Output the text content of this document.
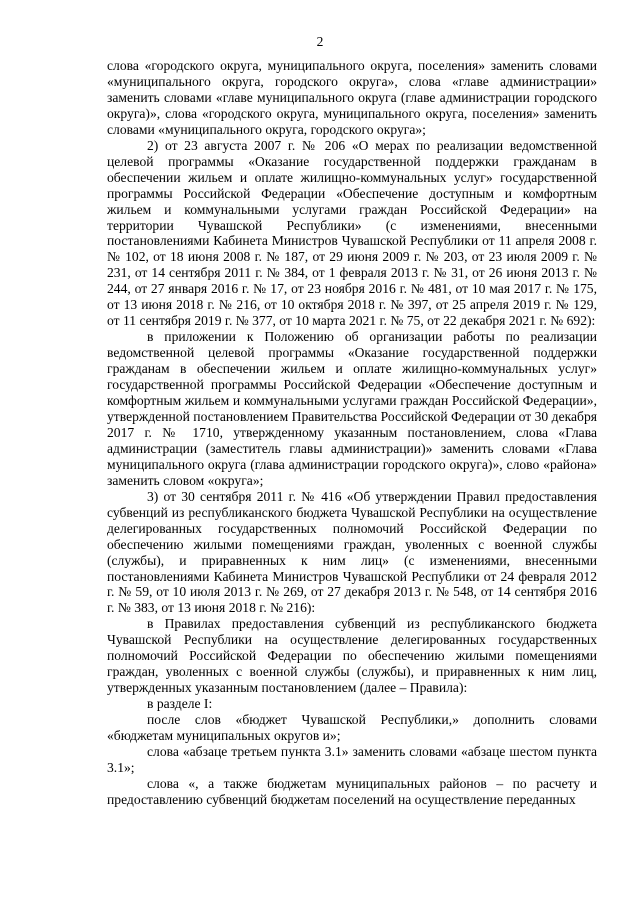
2

слова «городского округа, муниципального округа, поселения» заменить словами «муниципального округа, городского округа», слова «главе администрации» заменить словами «главе муниципального округа (главе администрации городского округа)», слова «городского округа, муниципального округа, поселения» заменить словами «муниципального округа, городского округа»;

2) от 23 августа 2007 г. № 206 «О мерах по реализации ведомственной целевой программы «Оказание государственной поддержки гражданам в обеспечении жильем и оплате жилищно-коммунальных услуг» государственной программы Российской Федерации «Обеспечение доступным и комфортным жильем и коммунальными услугами граждан Российской Федерации» на территории Чувашской Республики» (с изменениями, внесенными постановлениями Кабинета Министров Чувашской Республики от 11 апреля 2008 г. № 102, от 18 июня 2008 г. № 187, от 29 июня 2009 г. № 203, от 23 июля 2009 г. № 231, от 14 сентября 2011 г. № 384, от 1 февраля 2013 г. № 31, от 26 июня 2013 г. № 244, от 27 января 2016 г. № 17, от 23 ноября 2016 г. № 481, от 10 мая 2017 г. № 175, от 13 июня 2018 г. № 216, от 10 октября 2018 г. № 397, от 25 апреля 2019 г. № 129, от 11 сентября 2019 г. № 377, от 10 марта 2021 г. № 75, от 22 декабря 2021 г. № 692):

в приложении к Положению об организации работы по реализации ведомственной целевой программы «Оказание государственной поддержки гражданам в обеспечении жильем и оплате жилищно-коммунальных услуг» государственной программы Российской Федерации «Обеспечение доступным и комфортным жильем и коммунальными услугами граждан Российской Федерации», утвержденной постановлением Правительства Российской Федерации от 30 декабря 2017 г. № 1710, утвержденному указанным постановлением, слова «Глава администрации (заместитель главы администрации)» заменить словами «Глава муниципального округа (глава администрации городского округа)», слово «района» заменить словом «округа»;

3) от 30 сентября 2011 г. № 416 «Об утверждении Правил предоставления субвенций из республиканского бюджета Чувашской Республики на осуществление делегированных государственных полномочий Российской Федерации по обеспечению жилыми помещениями граждан, уволенных с военной службы (службы), и приравненных к ним лиц» (с изменениями, внесенными постановлениями Кабинета Министров Чувашской Республики от 24 февраля 2012 г. № 59, от 10 июля 2013 г. № 269, от 27 декабря 2013 г. № 548, от 14 сентября 2016 г. № 383, от 13 июня 2018 г. № 216):

в Правилах предоставления субвенций из республиканского бюджета Чувашской Республики на осуществление делегированных государственных полномочий Российской Федерации по обеспечению жилыми помещениями граждан, уволенных с военной службы (службы), и приравненных к ним лиц, утвержденных указанным постановлением (далее – Правила):

в разделе I:

после слов «бюджет Чувашской Республики,» дополнить словами «бюджетам муниципальных округов и»;

слова «абзаце третьем пункта 3.1» заменить словами «абзаце шестом пункта 3.1»;

слова «, а также бюджетам муниципальных районов – по расчету и предоставлению субвенций бюджетам поселений на осуществление переданных
